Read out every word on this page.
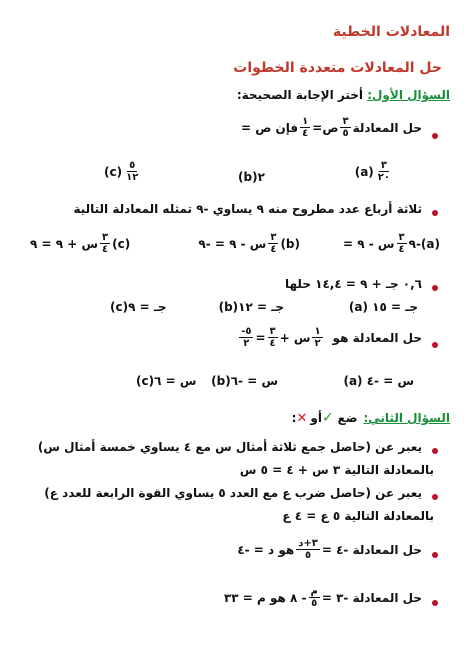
المعادلات الخطية
حل المعادلات متعددة الخطوات
السؤال الأول: أختر الإجابة الصحيحة:
حل المعادلة
$\frac{٣}{٥}$
ص=
$\frac{١}{٤}$
فإن ص =
$\frac{٣}{٢٠}$
(a)
(b)٢
$\frac{٥}{١٢}$
(c)
ثلاثة أرباع عدد مطروح منه ٩ يساوي -٩ تمثله المعادلة التالية
(a)
-٩
$\frac{٣}{٤}$
س - ٩ =
(b)
$\frac{٣}{٤}$
س - ٩ = -٩
(c)
$\frac{٣}{٤}$
س + ٩ = ٩
٠,٦ جـ + ٩ = ١٤,٤ حلها
(a) جـ = ١٥
(b)جـ = ١٢
(c)جـ = ٩
حل المعادلة هو
$\frac{١}{٢}$
س +
$\frac{٣}{٤}$
=
$\frac{٥-}{٢}$
(a) س = -٤
(b)س = -٦
(c)س = ٦
السؤال الثاني:
ضع
✓
أو
✕
:
يعبر عن (حاصل جمع ثلاثة أمثال س مع ٤ يساوي خمسة أمثال س)
بالمعادلة التالية ٣ س + ٤ = ٥ س
يعبر عن (حاصل ضرب ع مع العدد ٥ يساوي القوة الرابعة للعدد ع)
بالمعادلة التالية ٥ ع = ٤ ع
حل المعادلة -٤ =
$\frac{\text{٣+د}}{٥}$
هو د = -٤
حل المعادلة -٣ =
$\frac{\text{م}}{٥}$
- ٨ هو م = ٣٣
